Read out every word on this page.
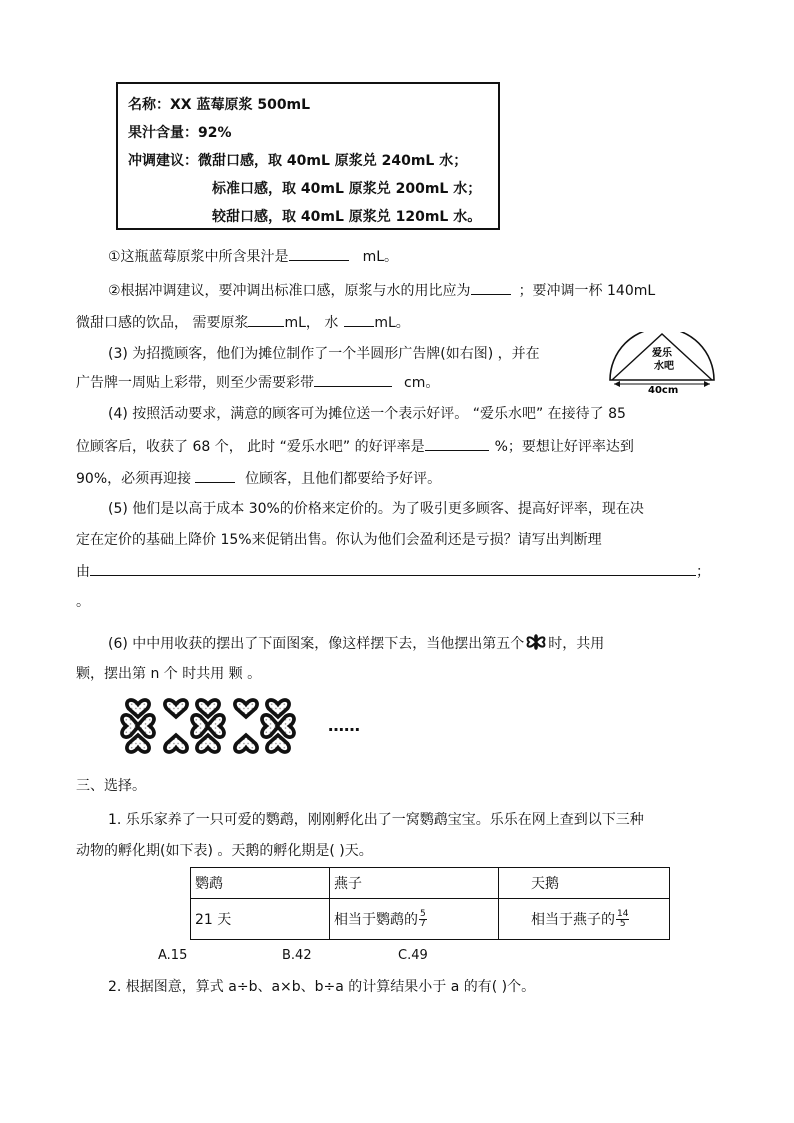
名称：XX 蓝莓原浆 500mL
果汁含量：92%
冲调建议：微甜口感，取 40mL 原浆兑 240mL 水；
标准口感，取 40mL 原浆兑 200mL 水；
较甜口感，取 40mL 原浆兑 120mL 水。
①这瓶蓝莓原浆中所含果汁是	mL。
②根据冲调建议，要冲调出标准口感，原浆与水的用比应为	；要冲调一杯 140mL
微甜口感的饮品， 需要原浆	mL， 水	mL。
(3) 为招揽顾客，他们为摊位制作了一个半圆形广告牌(如右图) ，并在
广告牌一周贴上彩带，则至少需要彩带	cm。
爱乐
水吧
40cm
(4) 按照活动要求，满意的顾客可为摊位送一个表示好评。 “爱乐水吧” 在接待了 85
位顾客后，收获了 68 个， 此时 “爱乐水吧” 的好评率是	%；要想让好评率达到
90%，必须再迎接	位顾客，且他们都要给予好评。
(5) 他们是以高于成本 30%的价格来定价的。为了吸引更多顾客、提高好评率，现在决
定在定价的基础上降价 15%来促销出售。你认为他们会盈利还是亏损？请写出判断理
由	；
。
(6) 中中用收获的摆出了下面图案，像这样摆下去，当他摆出第五个 时，共用
颗，摆出第 n 个 时共用 颗 。
……
三、选择。
1. 乐乐家养了一只可爱的鹦鹉，刚刚孵化出了一窝鹦鹉宝宝。乐乐在网上查到以下三种
动物的孵化期(如下表) 。天鹅的孵化期是( )天。
鹦鹉	燕子	天鹅
21 天	相当于鹦鹉的 $\frac{5}{7}$	相当于燕子的 $\frac{14}{5}$
A.15	B.42	C.49
2. 根据图意，算式 a÷b、a×b、b÷a 的计算结果小于 a 的有( )个。
